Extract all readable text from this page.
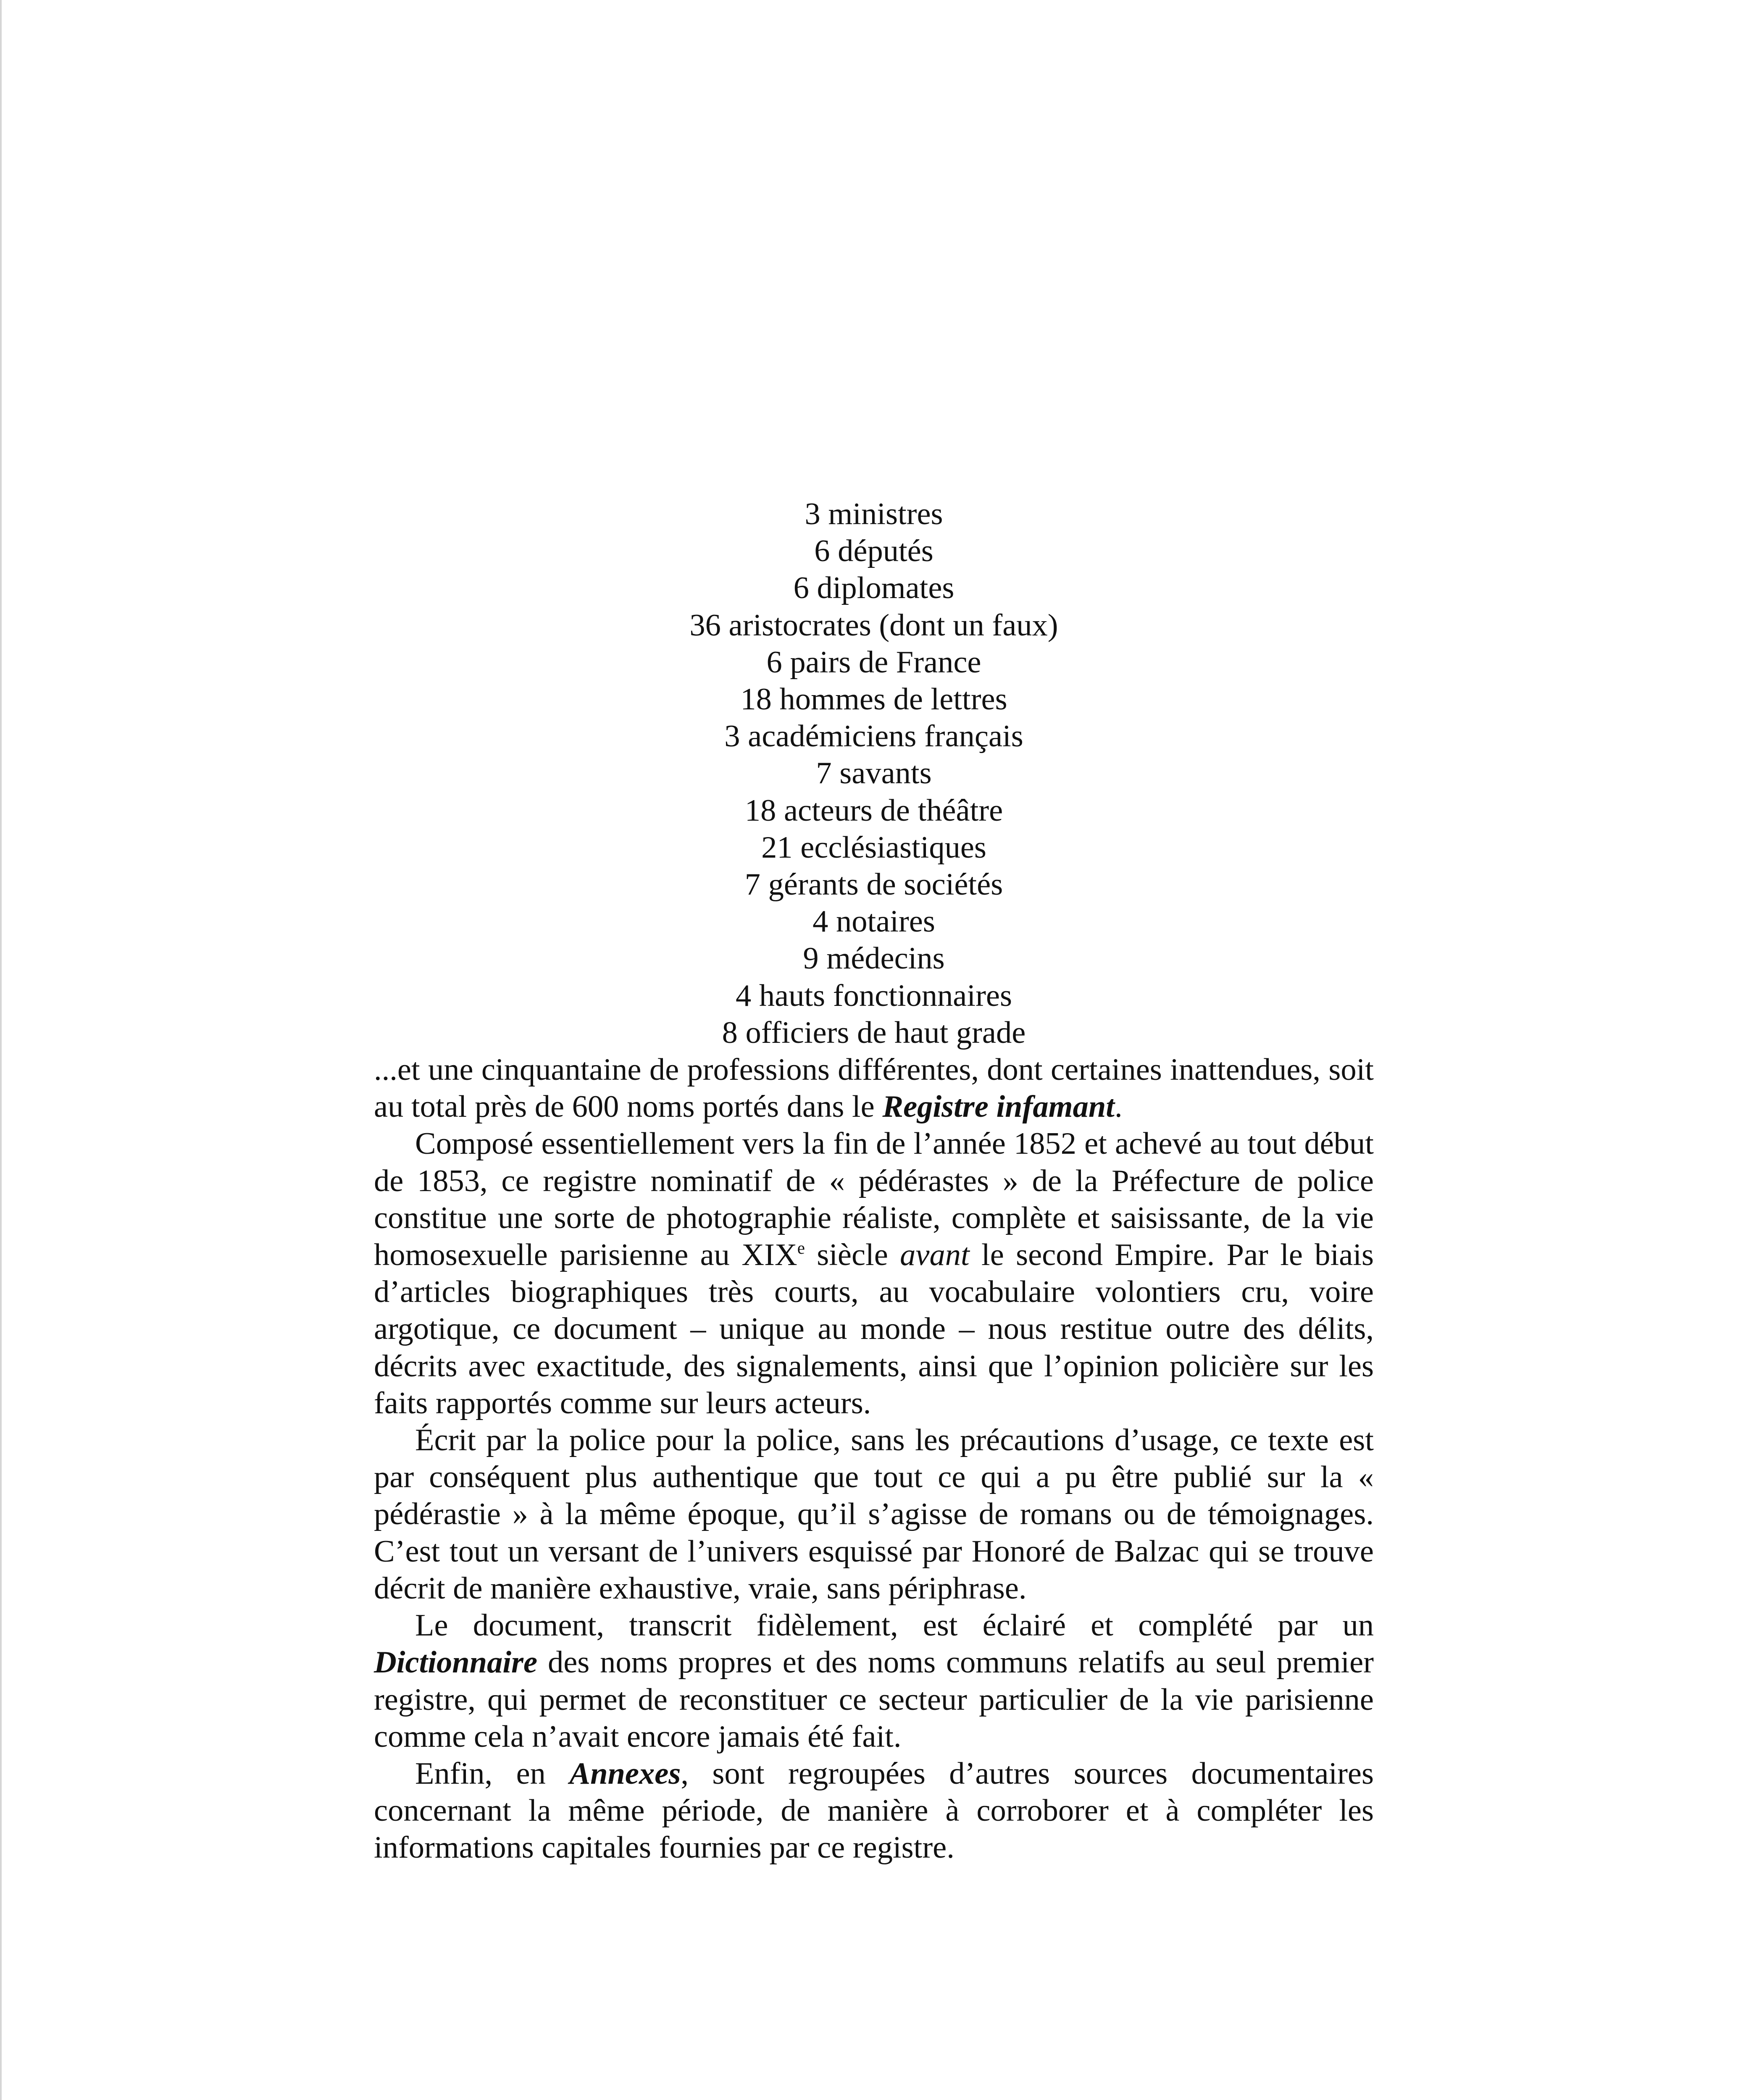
3 ministres
6 députés
6 diplomates
36 aristocrates (dont un faux)
6 pairs de France
18 hommes de lettres
3 académiciens français
7 savants
18 acteurs de théâtre
21 ecclésiastiques
7 gérants de sociétés
4 notaires
9 médecins
4 hauts fonctionnaires
8 officiers de haut grade

...et une cinquantaine de professions différentes, dont certaines inattendues, soit au total près de 600 noms portés dans le Registre infamant.

Composé essentiellement vers la fin de l’année 1852 et achevé au tout début de 1853, ce registre nominatif de « pédérastes » de la Préfecture de police constitue une sorte de photographie réaliste, complète et saisissante, de la vie homosexuelle parisienne au XIXe siècle avant le second Empire. Par le biais d’articles biographiques très courts, au vocabulaire volontiers cru, voire argotique, ce document – unique au monde – nous restitue outre des délits, décrits avec exactitude, des signalements, ainsi que l’opinion policière sur les faits rapportés comme sur leurs acteurs.

Écrit par la police pour la police, sans les précautions d’usage, ce texte est par conséquent plus authentique que tout ce qui a pu être publié sur la « pédérastie » à la même époque, qu’il s’agisse de romans ou de témoignages. C’est tout un versant de l’univers esquissé par Honoré de Balzac qui se trouve décrit de manière exhaustive, vraie, sans périphrase.

Le document, transcrit fidèlement, est éclairé et complété par un Dictionnaire des noms propres et des noms communs relatifs au seul premier registre, qui permet de reconstituer ce secteur particulier de la vie parisienne comme cela n’avait encore jamais été fait.

Enfin, en Annexes, sont regroupées d’autres sources documentaires concernant la même période, de manière à corroborer et à compléter les informations capitales fournies par ce registre.
